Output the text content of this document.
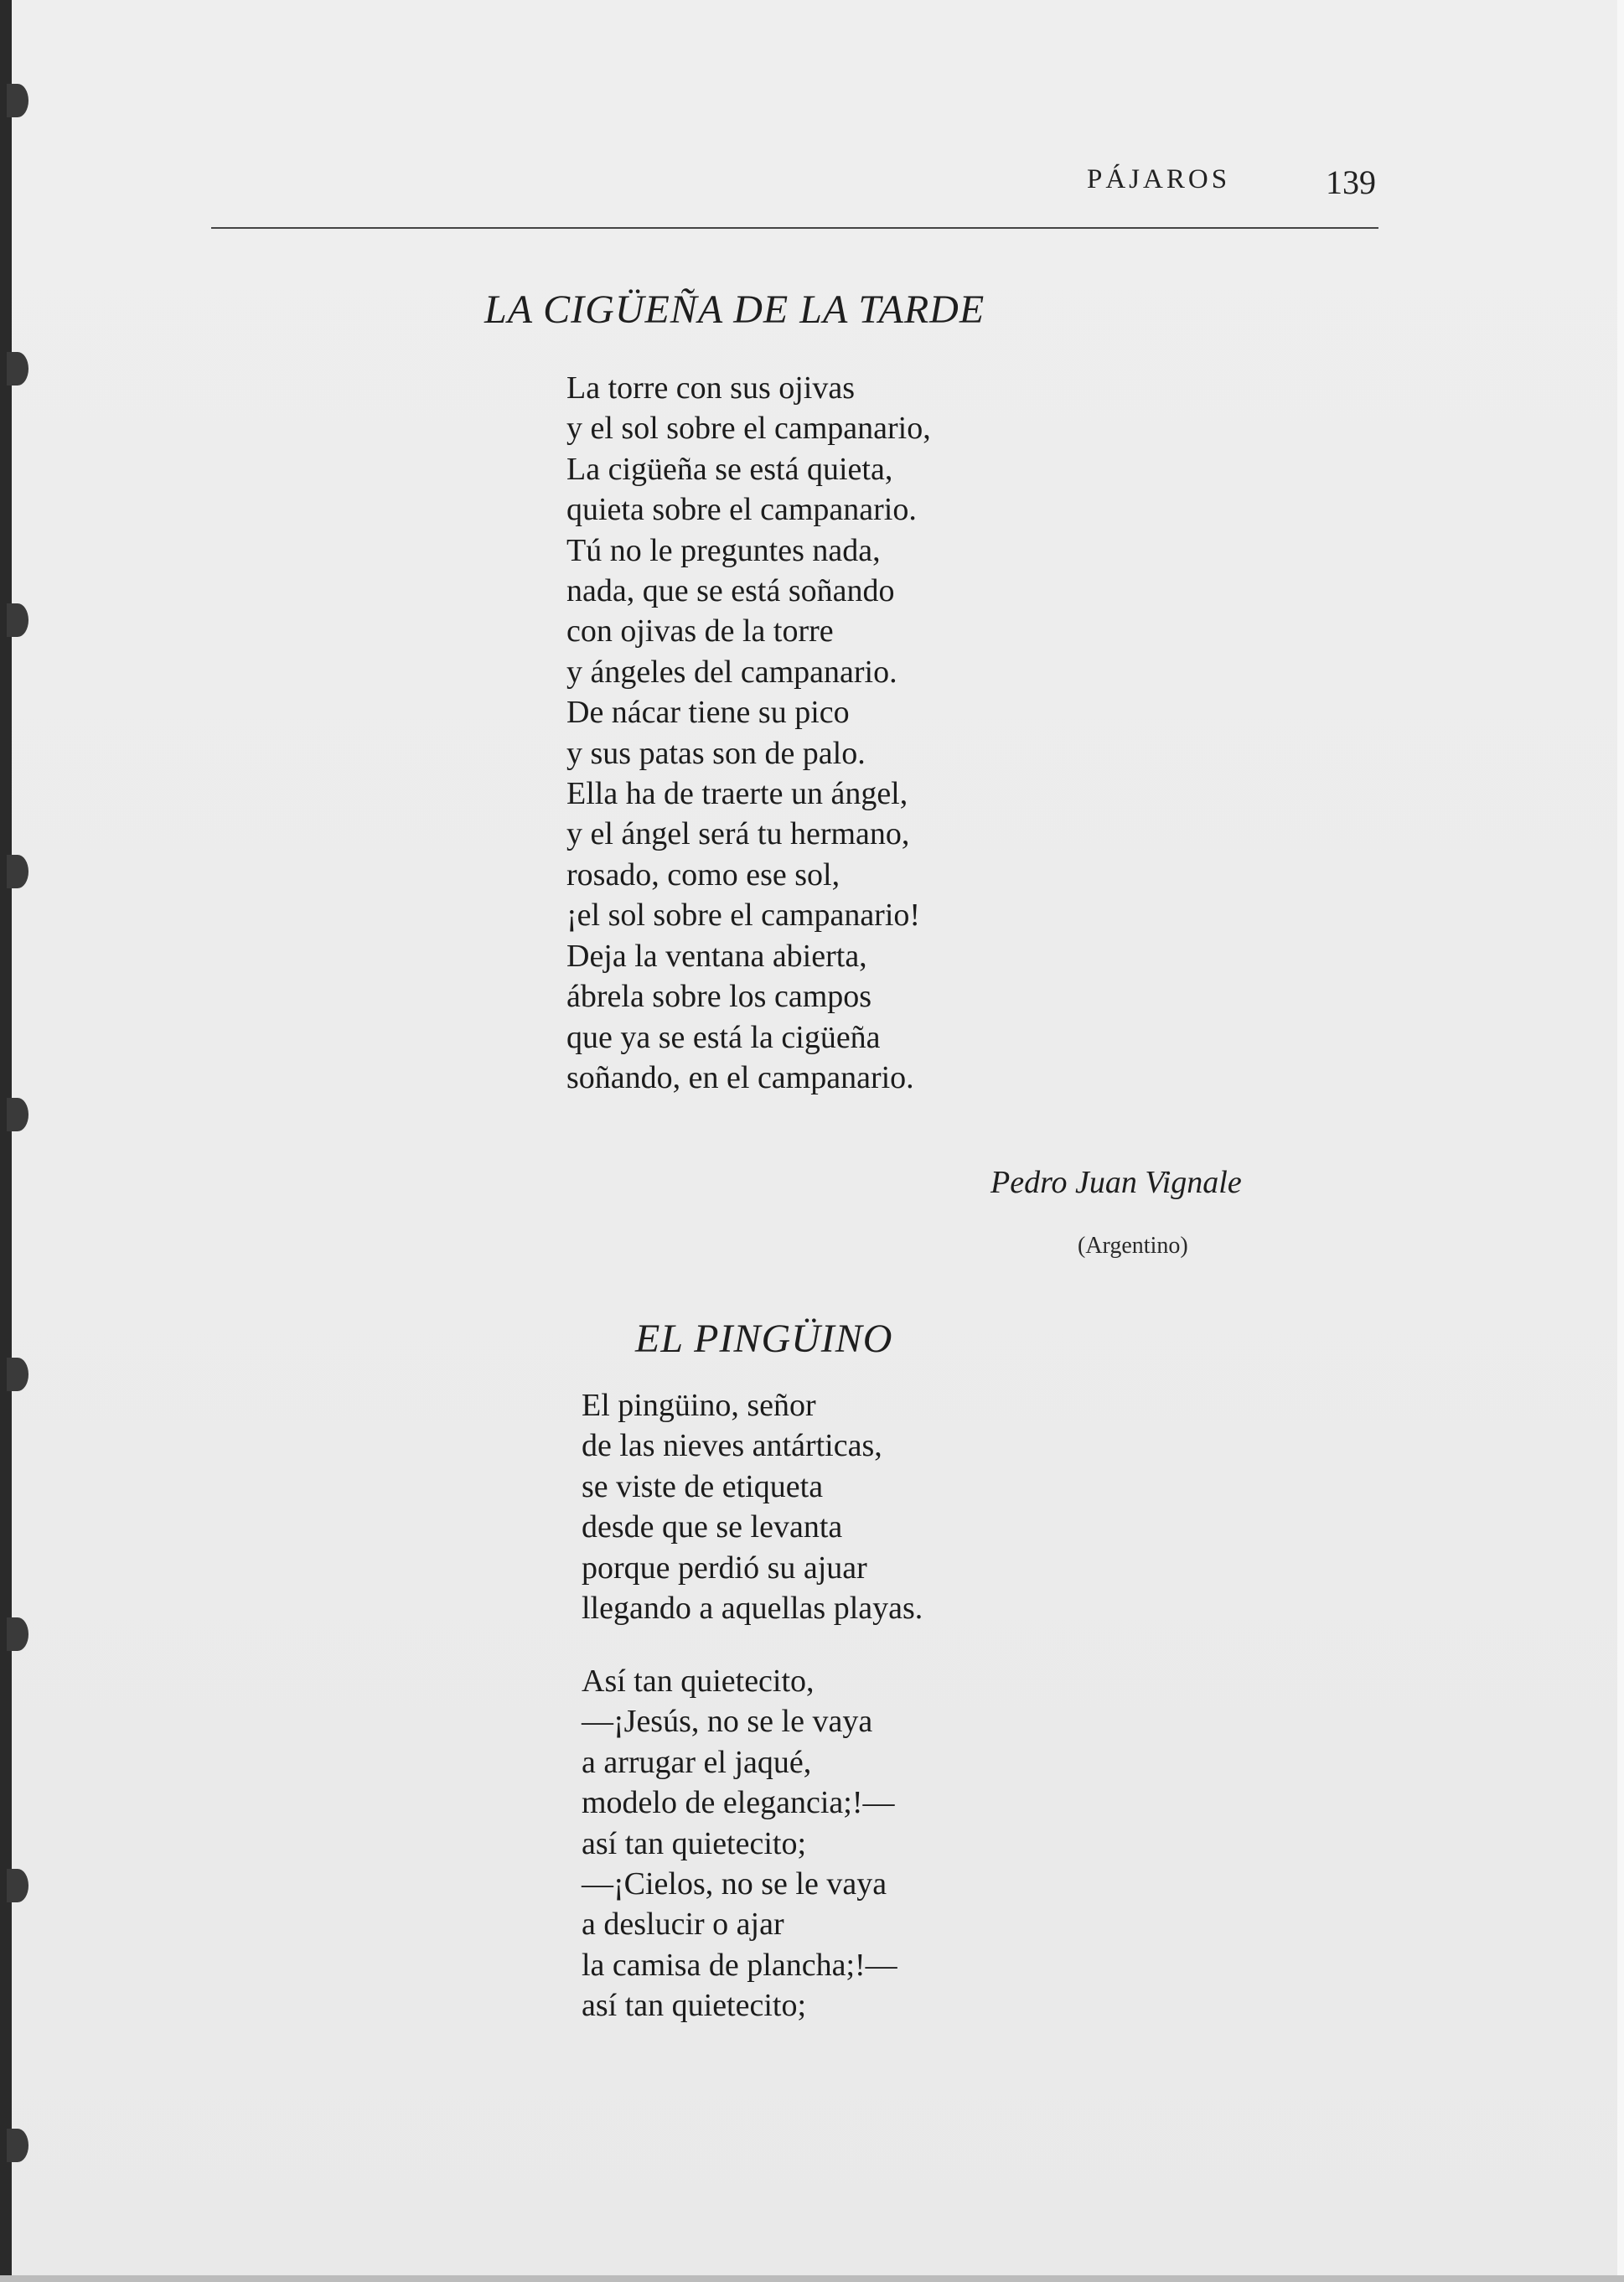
PÁJAROS	139
LA CIGÜEÑA DE LA TARDE
La torre con sus ojivas
y el sol sobre el campanario,
La cigüeña se está quieta,
quieta sobre el campanario.
Tú no le preguntes nada,
nada, que se está soñando
con ojivas de la torre
y ángeles del campanario.
De nácar tiene su pico
y sus patas son de palo.
Ella ha de traerte un ángel,
y el ángel será tu hermano,
rosado, como ese sol,
¡el sol sobre el campanario!
Deja la ventana abierta,
ábrela sobre los campos
que ya se está la cigüeña
soñando, en el campanario.
Pedro Juan Vignale
(Argentino)
EL PINGÜINO
El pingüino, señor
de las nieves antárticas,
se viste de etiqueta
desde que se levanta
porque perdió su ajuar
llegando a aquellas playas.
Así tan quietecito,
—¡Jesús, no se le vaya
a arrugar el jaqué,
modelo de elegancia;!—
así tan quietecito;
—¡Cielos, no se le vaya
a deslucir o ajar
la camisa de plancha;!—
así tan quietecito;
